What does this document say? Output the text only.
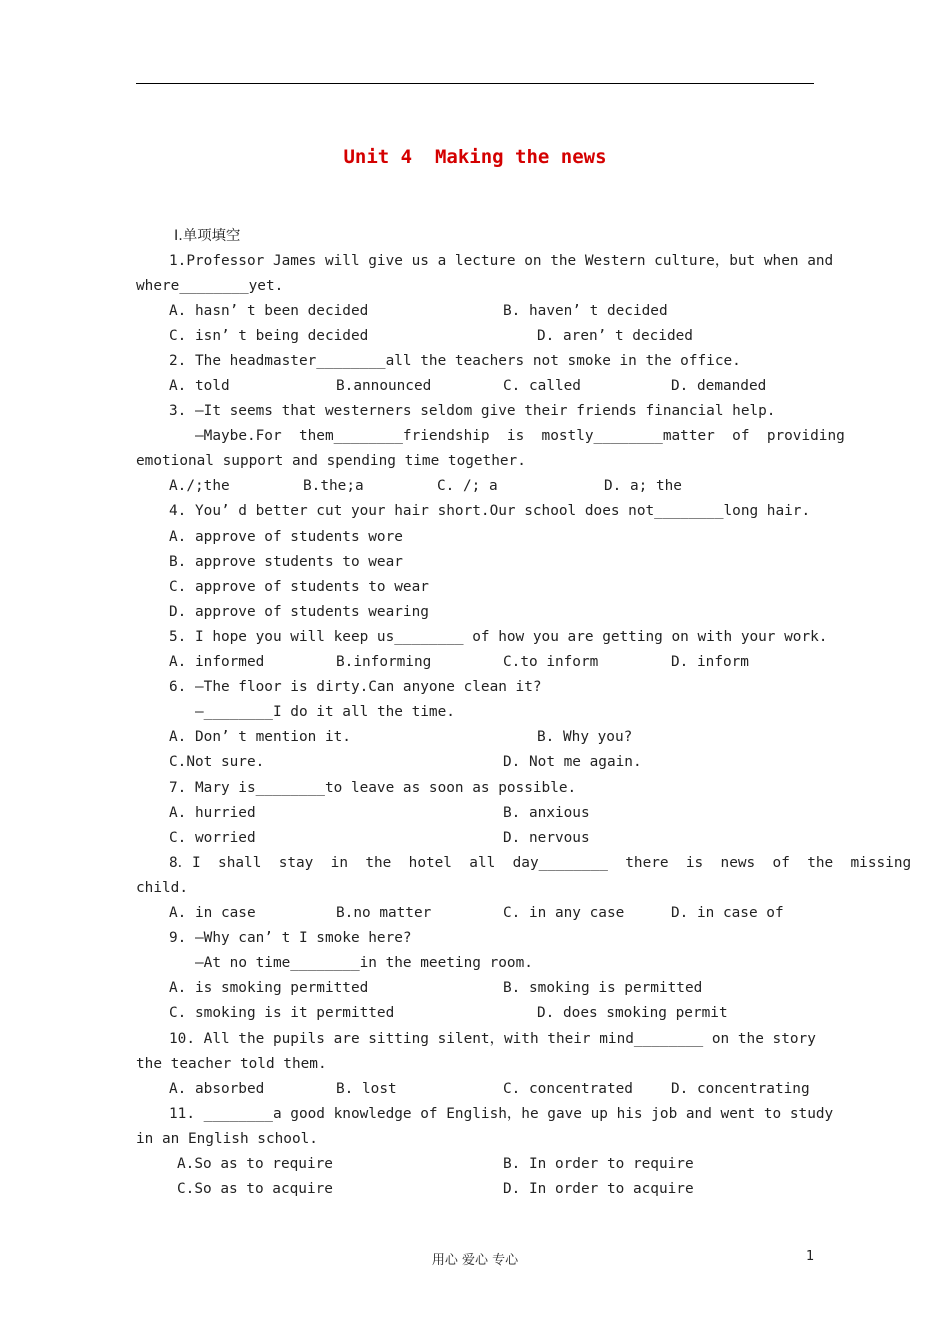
Unit 4  Making the news
Ⅰ.单项填空
1.Professor James will give us a lecture on the Western culture，but when and
where________yet.
A. hasn’ t been decided	B. haven’ t decided
C. isn’ t being decided	D. aren’ t decided
2. The headmaster________all the teachers not smoke in the office.
A. told	B.announced	C. called	D. demanded
3. —It seems that westerners seldom give their friends financial help.
—Maybe.For  them________friendship  is  mostly________matter  of  providing
emotional support and spending time together.
A./;the	B.the;a	C. /; a	D. a; the
4. You’ d better cut your hair short.Our school does not________long hair.
A. approve of students wore
B. approve students to wear
C. approve of students to wear
D. approve of students wearing
5. I hope you will keep us________ of how you are getting on with your work.
A. informed	B.informing	C.to inform	D. inform
6. —The floor is dirty.Can anyone clean it?
—________I do it all the time.
A. Don’ t mention it.	B. Why you?
C.Not sure.	D. Not me again.
7. Mary is________to leave as soon as possible.
A. hurried	B. anxious
C. worried	D. nervous
8．I  shall  stay  in  the  hotel  all  day________  there  is  news  of  the  missing
child.
A. in case	B.no matter	C. in any case	D. in case of
9. —Why can’ t I smoke here?
—At no time________in the meeting room.
A. is smoking permitted	B. smoking is permitted
C. smoking is it permitted	D. does smoking permit
10. All the pupils are sitting silent，with their mind________ on the story
the teacher told them.
A. absorbed	B. lost	C. concentrated	D. concentrating
11. ________a good knowledge of English，he gave up his job and went to study
in an English school.
A.So as to require	B. In order to require
C.So as to acquire	D. In order to acquire
用心 爱心 专心	1
